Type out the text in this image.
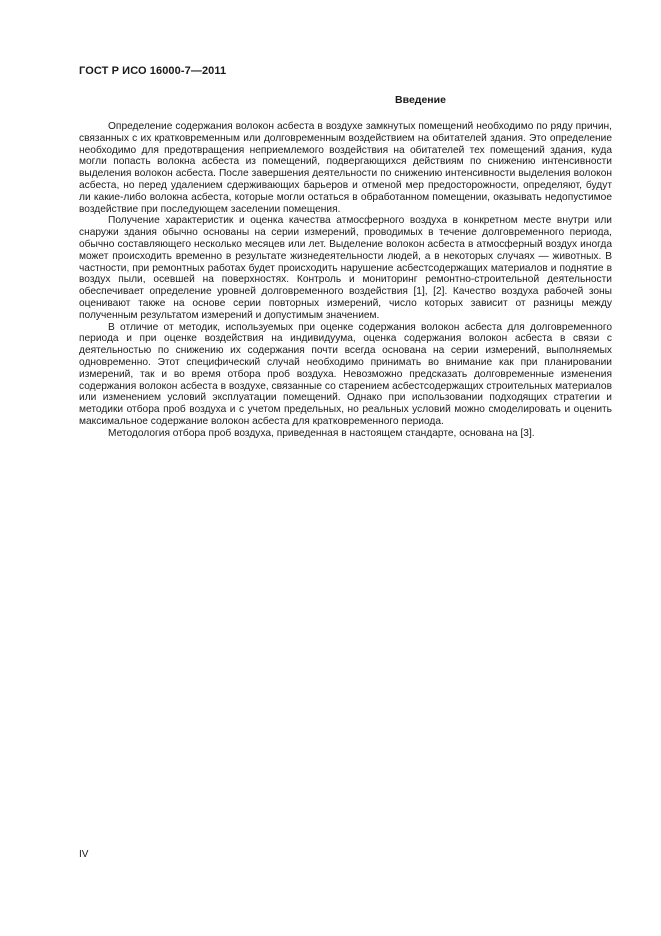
ГОСТ Р ИСО 16000-7—2011
Введение

Определение содержания волокон асбеста в воздухе замкнутых помещений необходимо по ряду причин, связанных с их кратковременным или долговременным воздействием на обитателей здания. Это определение необходимо для предотвращения неприемлемого воздействия на обитателей тех помещений здания, куда могли попасть волокна асбеста из помещений, подвергающихся действиям по снижению интенсивности выделения волокон асбеста. После завершения деятельности по снижению интенсивности выделения волокон асбеста, но перед удалением сдерживающих барьеров и отменой мер предосторожности, определяют, будут ли какие-либо волокна асбеста, которые могли остаться в обработанном помещении, оказывать недопустимое воздействие при последующем заселении помещения.

Получение характеристик и оценка качества атмосферного воздуха в конкретном месте внутри или снаружи здания обычно основаны на серии измерений, проводимых в течение долговременного периода, обычно составляющего несколько месяцев или лет. Выделение волокон асбеста в атмосферный воздух иногда может происходить временно в результате жизнедеятельности людей, а в некоторых случаях — животных. В частности, при ремонтных работах будет происходить нарушение асбестсодержащих материалов и поднятие в воздух пыли, осевшей на поверхностях. Контроль и мониторинг ремонтно-строительной деятельности обеспечивает определение уровней долговременного воздействия [1], [2]. Качество воздуха рабочей зоны оценивают также на основе серии повторных измерений, число которых зависит от разницы между полученным результатом измерений и допустимым значением.

В отличие от методик, используемых при оценке содержания волокон асбеста для долговременного периода и при оценке воздействия на индивидуума, оценка содержания волокон асбеста в связи с деятельностью по снижению их содержания почти всегда основана на серии измерений, выполняемых одновременно. Этот специфический случай необходимо принимать во внимание как при планировании измерений, так и во время отбора проб воздуха. Невозможно предсказать долговременные изменения содержания волокон асбеста в воздухе, связанные со старением асбестсодержащих строительных материалов или изменением условий эксплуатации помещений. Однако при использовании подходящих стратегии и методики отбора проб воздуха и с учетом предельных, но реальных условий можно смоделировать и оценить максимальное содержание волокон асбеста для кратковременного периода.

Методология отбора проб воздуха, приведенная в настоящем стандарте, основана на [3].

IV
